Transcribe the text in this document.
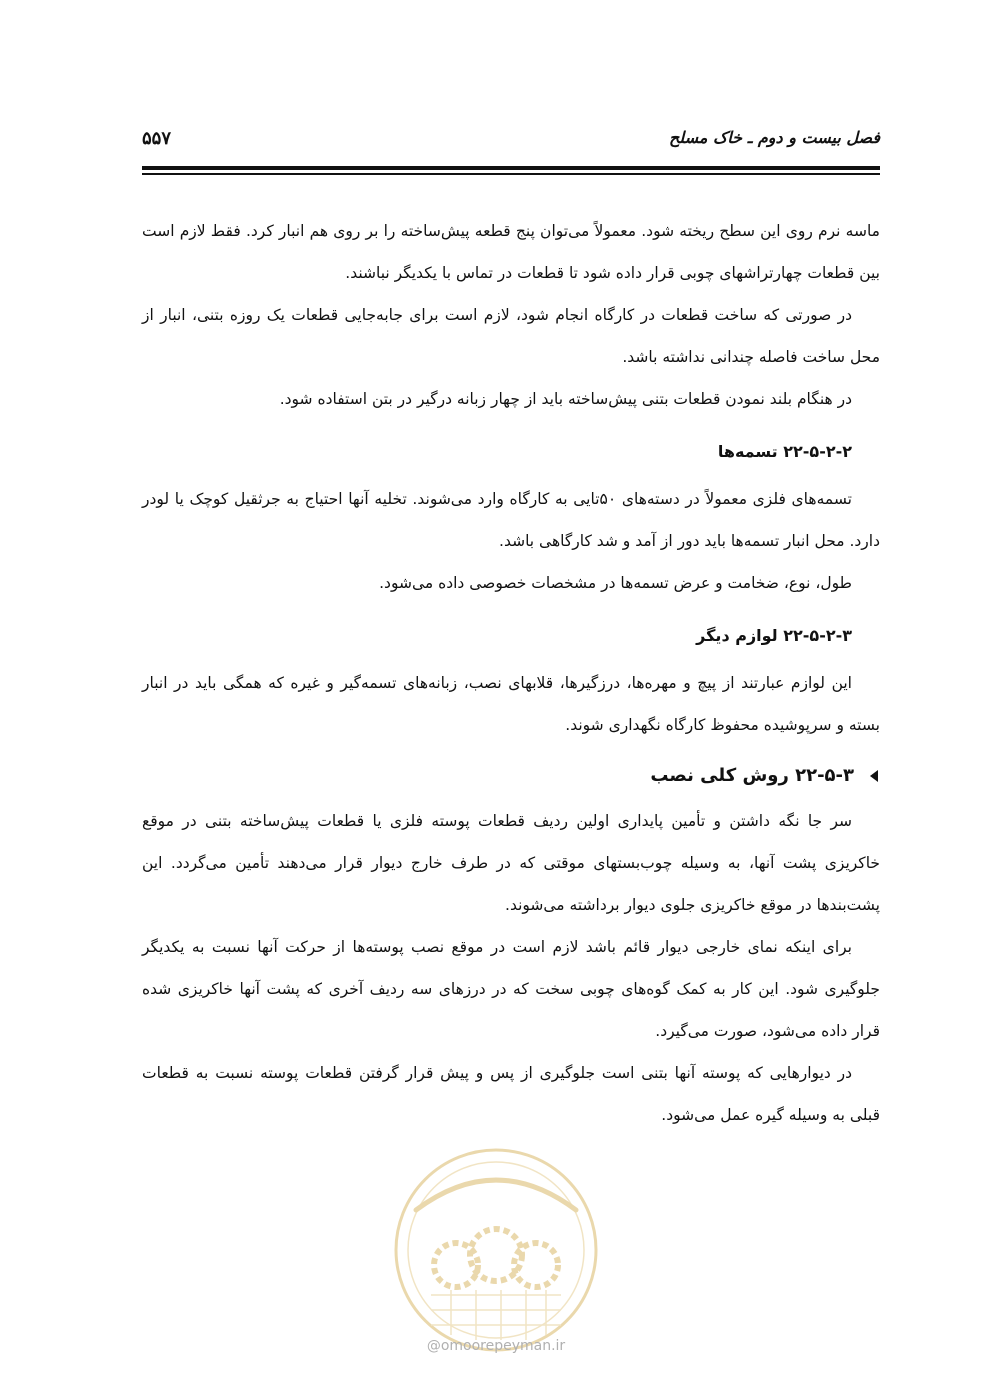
فصل بیست و دوم ـ خاک مسلح
۵۵۷

ماسه نرم روی این سطح ریخته شود. معمولاً می‌توان پنج قطعه پیش‌ساخته را بر روی هم انبار کرد. فقط لازم است بین قطعات چهارتراشهای چوبی قرار داده شود تا قطعات در تماس با یکدیگر نباشند.

در صورتی که ساخت قطعات در کارگاه انجام شود، لازم است برای جابه‌جایی قطعات یک روزه بتنی، انبار از محل ساخت فاصله چندانی نداشته باشد.

در هنگام بلند نمودن قطعات بتنی پیش‌ساخته باید از چهار زبانه درگیر در بتن استفاده شود.

۲۲-۵-۲-۲ تسمه‌ها

تسمه‌های فلزی معمولاً در دسته‌های ۵۰تایی به کارگاه وارد می‌شوند. تخلیه آنها احتیاج به جرثقیل کوچک یا لودر دارد. محل انبار تسمه‌ها باید دور از آمد و شد کارگاهی باشد.

طول، نوع، ضخامت و عرض تسمه‌ها در مشخصات خصوصی داده می‌شود.

۲۲-۵-۲-۳ لوازم دیگر

این لوازم عبارتند از پیچ و مهره‌ها، درزگیرها، قلابهای نصب، زبانه‌های تسمه‌گیر و غیره که همگی باید در انبار بسته و سرپوشیده محفوظ کارگاه نگهداری شوند.

۲۲-۵-۳ روش کلی نصب

سر جا نگه داشتن و تأمین پایداری اولین ردیف قطعات پوسته فلزی یا قطعات پیش‌ساخته بتنی در موقع خاکریزی پشت آنها، به وسیله چوب‌بستهای موقتی که در طرف خارج دیوار قرار می‌دهند تأمین می‌گردد. این پشت‌بندها در موقع خاکریزی جلوی دیوار برداشته می‌شوند.

برای اینکه نمای خارجی دیوار قائم باشد لازم است در موقع نصب پوسته‌ها از حرکت آنها نسبت به یکدیگر جلوگیری شود. این کار به کمک گوه‌های چوبی سخت که در درزهای سه ردیف آخری که پشت آنها خاکریزی شده قرار داده می‌شود، صورت می‌گیرد.

در دیوارهایی که پوسته آنها بتنی است جلوگیری از پس و پیش قرار گرفتن قطعات پوسته نسبت به قطعات قبلی به وسیله گیره عمل می‌شود.

@omoorepeyman.ir
